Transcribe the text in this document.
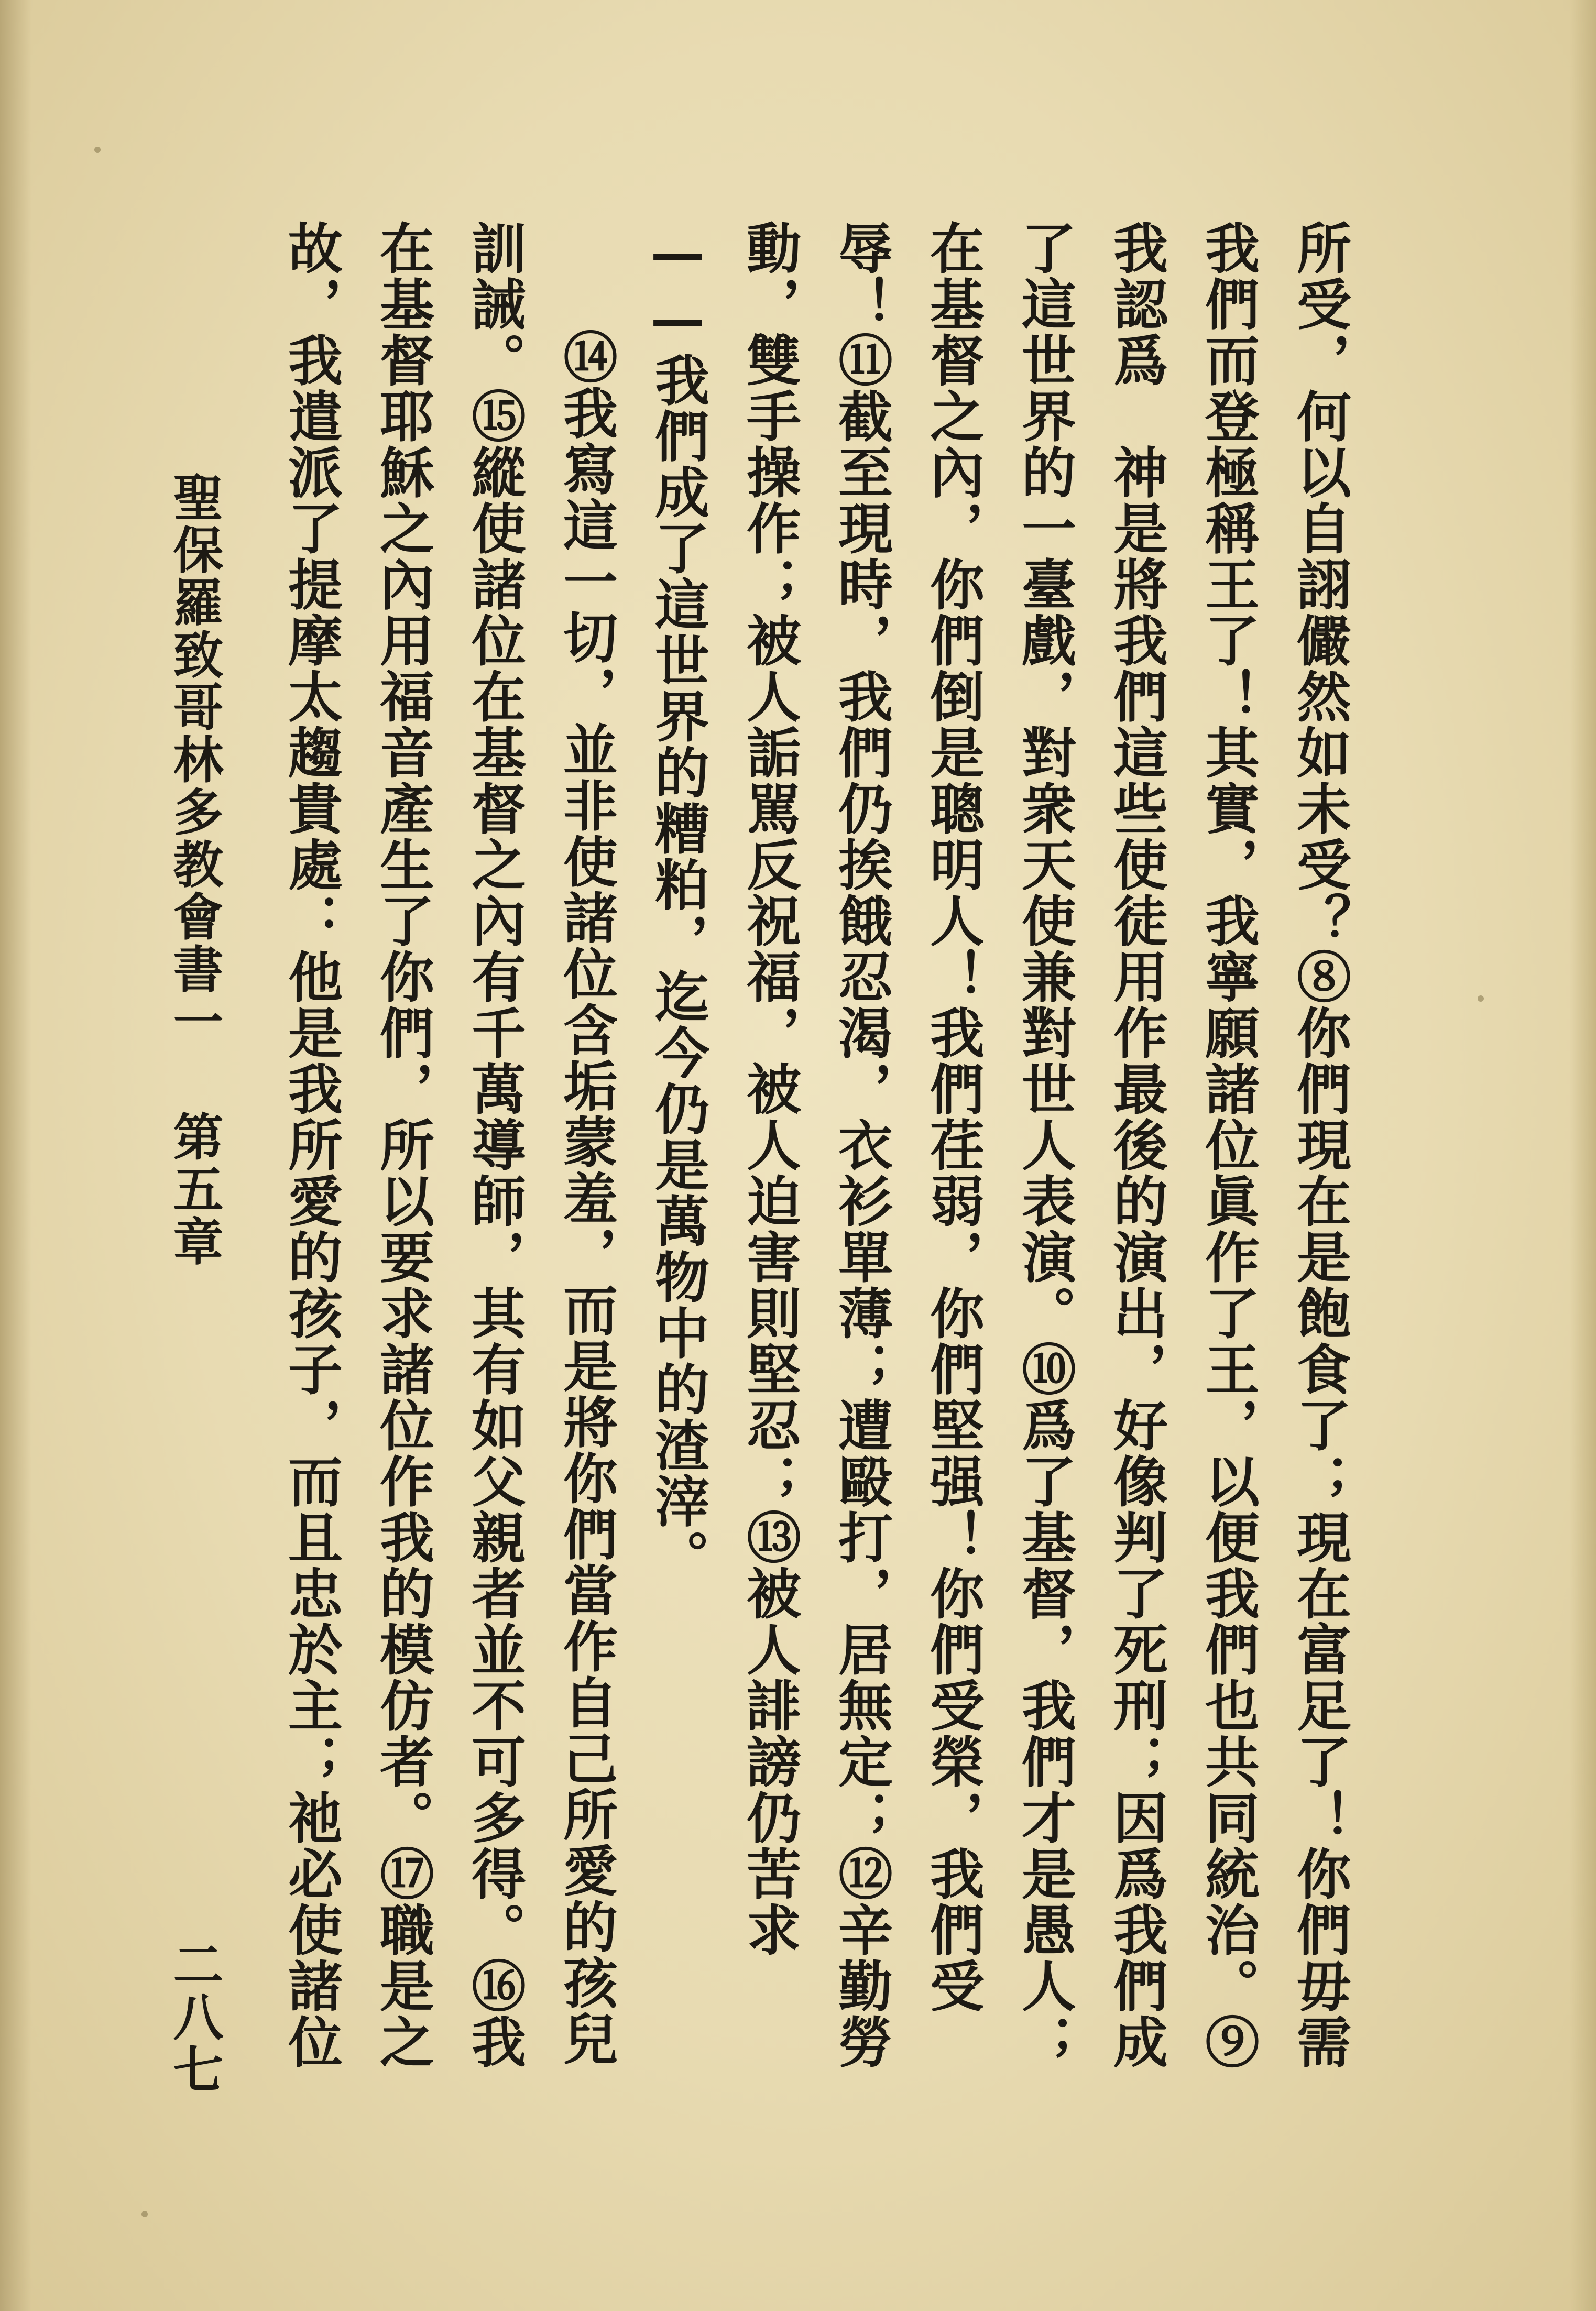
所受，何以自詡儼然如未受？⑧你們現在是飽食了；現在富足了！你們毋需我們而登極稱王了！其實，我寧願諸位眞作了王，以便我們也共同統治。⑨我認爲　神是將我們這些使徒用作最後的演出，好像判了死刑；因爲我們成了這世界的一臺戲，對衆天使兼對世人表演。⑩爲了基督，我們才是愚人；在基督之內，你們倒是聰明人！我們荏弱，你們堅强！你們受榮，我們受辱！⑪截至現時，我們仍挨餓忍渴，衣衫單薄；遭毆打，居無定；⑫辛勤勞動，雙手操作；被人詬駡反祝福，被人迫害則堅忍；⑬被人誹謗仍苦求——我們成了這世界的糟粕，迄今仍是萬物中的渣滓。

⑭我寫這一切，並非使諸位含垢蒙羞，而是將你們當作自己所愛的孩兒訓誡。⑮縱使諸位在基督之內有千萬導師，其有如父親者並不可多得。⑯我在基督耶穌之內用福音產生了你們，所以要求諸位作我的模仿者。⑰職是之故，我遣派了提摩太趨貴處：他是我所愛的孩子，而且忠於主；祂必使諸位　

聖保羅致哥林多教會書一第五章
二八七
